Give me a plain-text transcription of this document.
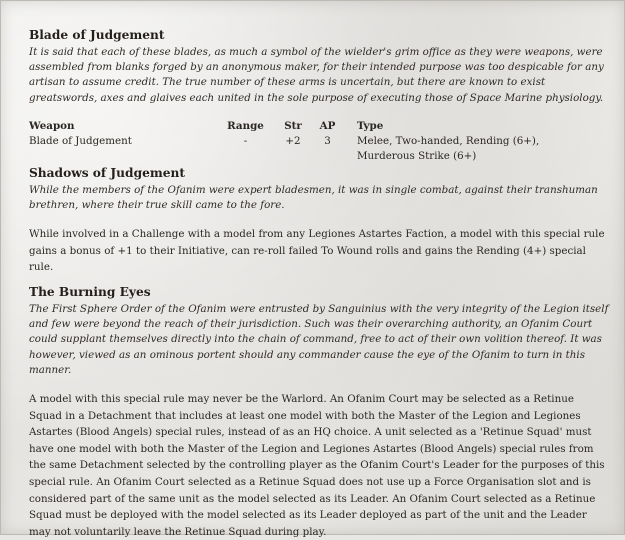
Blade of Judgement

It is said that each of these blades, as much a symbol of the wielder's grim office as they were weapons, were assembled from blanks forged by an anonymous maker, for their intended purpose was too despicable for any artisan to assume credit. The true number of these arms is uncertain, but there are known to exist greatswords, axes and glaives each united in the sole purpose of executing those of Space Marine physiology.

Weapon	Range	Str	AP	Type
Blade of Judgement	-	+2	3	Melee, Two-handed, Rending (6+),
Murderous Strike (6+)
Shadows of Judgement

While the members of the Ofanim were expert bladesmen, it was in single combat, against their transhuman brethren, where their true skill came to the fore.

While involved in a Challenge with a model from any Legiones Astartes Faction, a model with this special rule gains a bonus of +1 to their Initiative, can re-roll failed To Wound rolls and gains the Rending (4+) special rule.

The Burning Eyes

The First Sphere Order of the Ofanim were entrusted by Sanguinius with the very integrity of the Legion itself and few were beyond the reach of their jurisdiction. Such was their overarching authority, an Ofanim Court could supplant themselves directly into the chain of command, free to act of their own volition thereof. It was however, viewed as an ominous portent should any commander cause the eye of the Ofanim to turn in this manner.

A model with this special rule may never be the Warlord. An Ofanim Court may be selected as a Retinue Squad in a Detachment that includes at least one model with both the Master of the Legion and Legiones Astartes (Blood Angels) special rules, instead of as an HQ choice. A unit selected as a 'Retinue Squad' must have one model with both the Master of the Legion and Legiones Astartes (Blood Angels) special rules from the same Detachment selected by the controlling player as the Ofanim Court's Leader for the purposes of this special rule. An Ofanim Court selected as a Retinue Squad does not use up a Force Organisation slot and is considered part of the same unit as the model selected as its Leader. An Ofanim Court selected as a Retinue Squad must be deployed with the model selected as its Leader deployed as part of the unit and the Leader may not voluntarily leave the Retinue Squad during play.
